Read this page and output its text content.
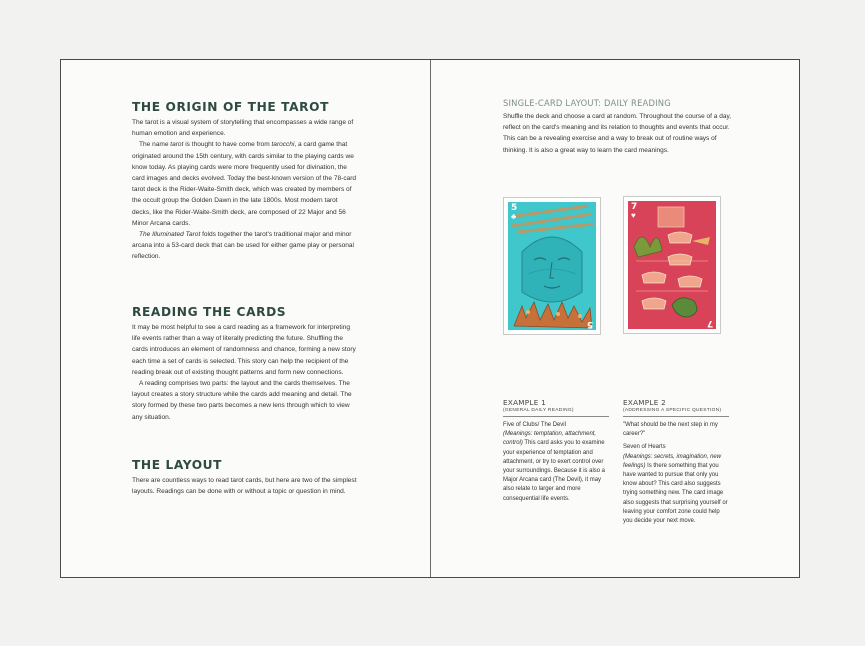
THE ORIGIN OF THE TAROT

The tarot is a visual system of storytelling that encompasses a wide range of human emotion and experience.

The name tarot is thought to have come from tarocchi, a card game that originated around the 15th century, with cards similar to the playing cards we know today. As playing cards were more frequently used for divination, the card images and decks evolved. Today the best-known version of the 78-card tarot deck is the Rider-Waite-Smith deck, which was created by members of the occult group the Golden Dawn in the late 1800s. Most modern tarot decks, like the Rider-Waite-Smith deck, are composed of 22 Major and 56 Minor Arcana cards.

The Illuminated Tarot folds together the tarot's traditional major and minor arcana into a 53-card deck that can be used for either game play or personal reflection.

READING THE CARDS

It may be most helpful to see a card reading as a framework for interpreting life events rather than a way of literally predicting the future. Shuffling the cards introduces an element of randomness and chance, forming a new story each time a set of cards is selected. This story can help the recipient of the reading break out of existing thought patterns and form new connections.

A reading comprises two parts: the layout and the cards themselves. The layout creates a story structure while the cards add meaning and detail. The story formed by these two parts becomes a new lens through which to view any situation.

THE LAYOUT

There are countless ways to read tarot cards, but here are two of the simplest layouts. Readings can be done with or without a topic or question in mind.

SINGLE-CARD LAYOUT: DAILY READING

Shuffle the deck and choose a card at random. Throughout the course of a day, reflect on the card's meaning and its relation to thoughts and events that occur. This can be a revealing exercise and a way to break out of routine ways of thinking. It is also a great way to learn the card meanings.

5
♣
5
7
♥
7
EXAMPLE 1
(GENERAL DAILY READING)

Five of Clubs/ The Devil
(Meanings: temptation, attachment, control) This card asks you to examine your experience of temptation and attachment, or try to exert control over your surroundings. Because it is also a Major Arcana card (The Devil), it may also relate to larger and more consequential life events.

EXAMPLE 2
(ADDRESSING A SPECIFIC QUESTION)

"What should be the next step in my career?"

Seven of Hearts
(Meanings: secrets, imagination, new feelings) Is there something that you have wanted to pursue that only you know about? This card also suggests trying something new. The card image also suggests that surprising yourself or leaving your comfort zone could help you decide your next move.
